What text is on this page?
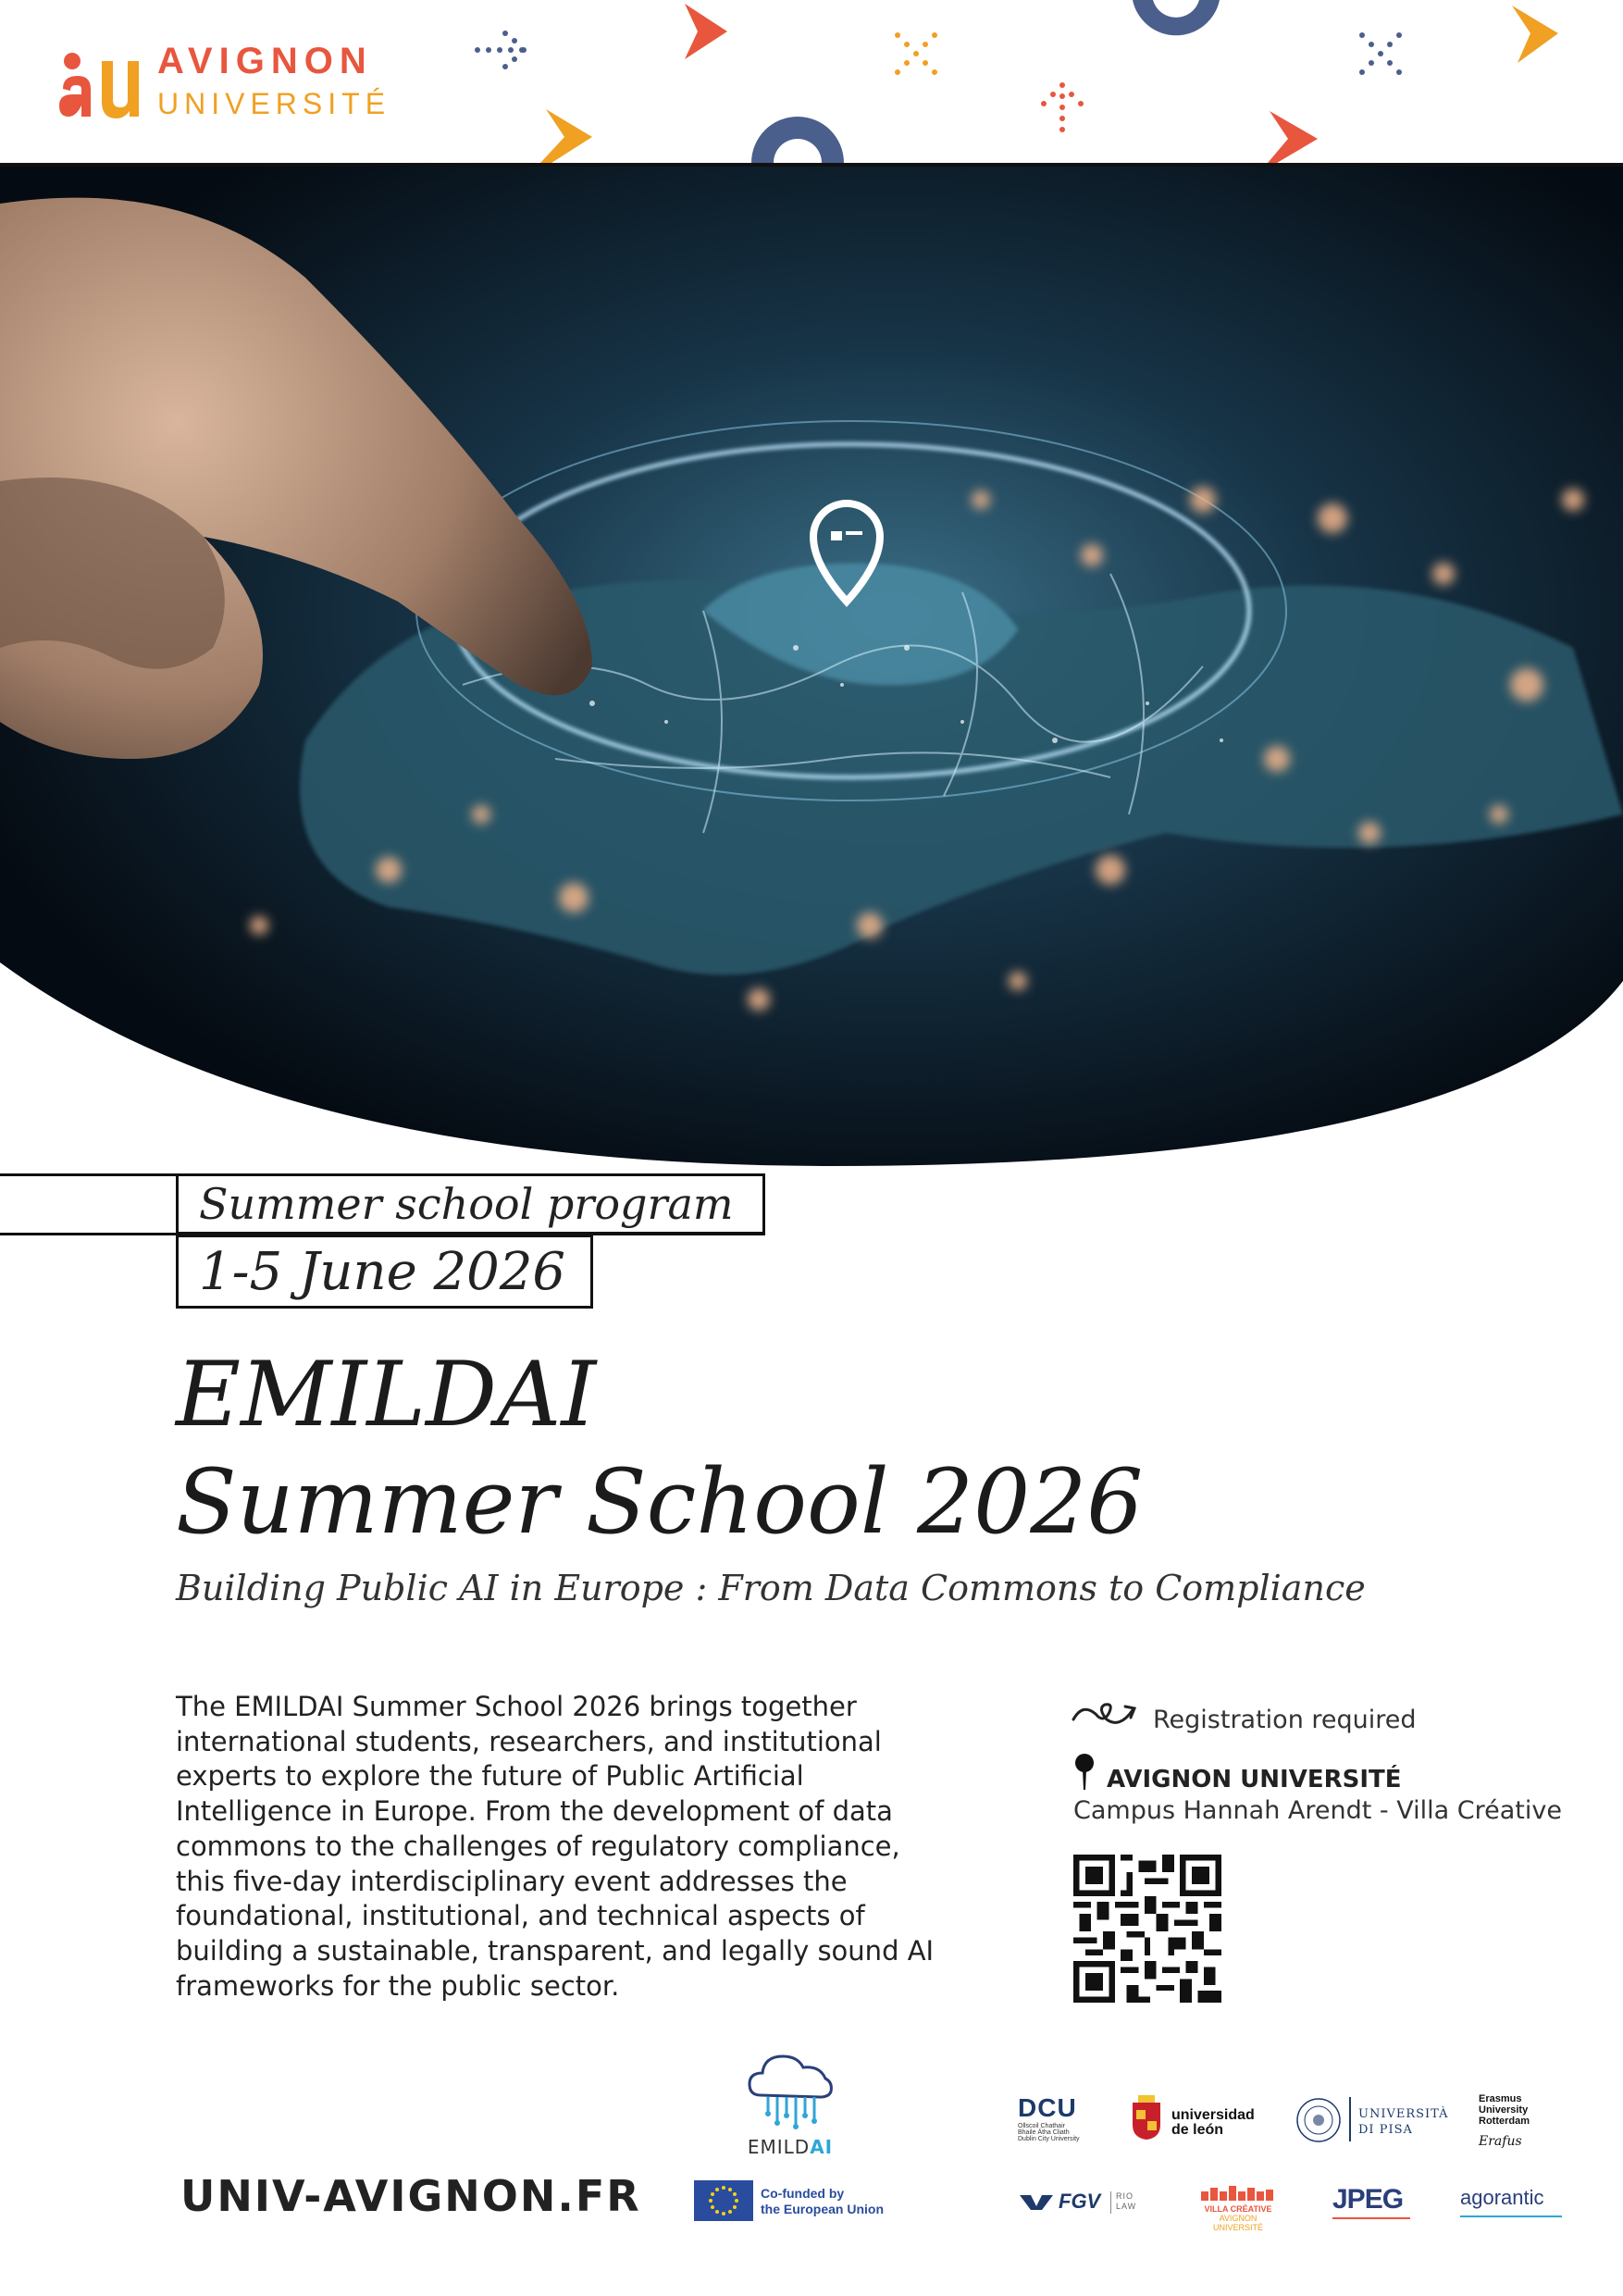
AVIGNON
UNIVERSITÉ
Summer school program
1-5 June 2026
EMILDAI
Summer School 2026
Building Public AI in Europe : From Data Commons to Compliance
The EMILDAI Summer School 2026 brings together
international students, researchers, and institutional
experts to explore the future of Public Artificial
Intelligence in Europe. From the development of data
commons to the challenges of regulatory compliance,
this five-day interdisciplinary event addresses the
foundational, institutional, and technical aspects of
building a sustainable, transparent, and legally sound AI
frameworks for the public sector.
Registration required
AVIGNON UNIVERSITÉ
Campus Hannah Arendt - Villa Créative
UNIV-AVIGNON.FR
EMILDAI
Co-funded by
the European Union
DCU
Ollscoil Chathair
Bhaile Átha Cliath
Dublin City University
universidad
de león
UNIVERSITÀ
DI PISA
Erasmus
University
Rotterdam
Erafus
FGV RIO
LAW	VILLA CRÉATIVE
AVIGNON UNIVERSITÉ
JPEG	agorantic
